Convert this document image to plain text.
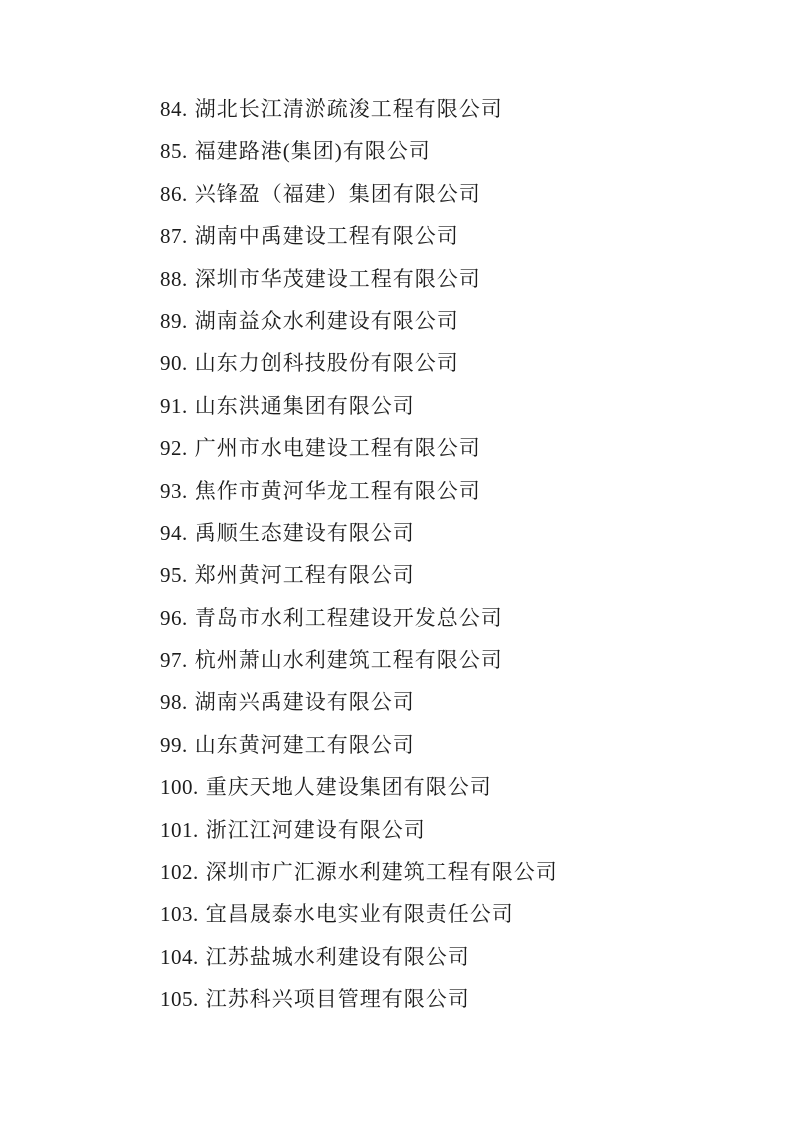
84. 湖北长江清淤疏浚工程有限公司
85. 福建路港(集团)有限公司
86. 兴锋盈（福建）集团有限公司
87. 湖南中禹建设工程有限公司
88. 深圳市华茂建设工程有限公司
89. 湖南益众水利建设有限公司
90. 山东力创科技股份有限公司
91. 山东洪通集团有限公司
92. 广州市水电建设工程有限公司
93. 焦作市黄河华龙工程有限公司
94. 禹顺生态建设有限公司
95. 郑州黄河工程有限公司
96. 青岛市水利工程建设开发总公司
97. 杭州萧山水利建筑工程有限公司
98. 湖南兴禹建设有限公司
99. 山东黄河建工有限公司
100. 重庆天地人建设集团有限公司
101. 浙江江河建设有限公司
102. 深圳市广汇源水利建筑工程有限公司
103. 宜昌晟泰水电实业有限责任公司
104. 江苏盐城水利建设有限公司
105. 江苏科兴项目管理有限公司
